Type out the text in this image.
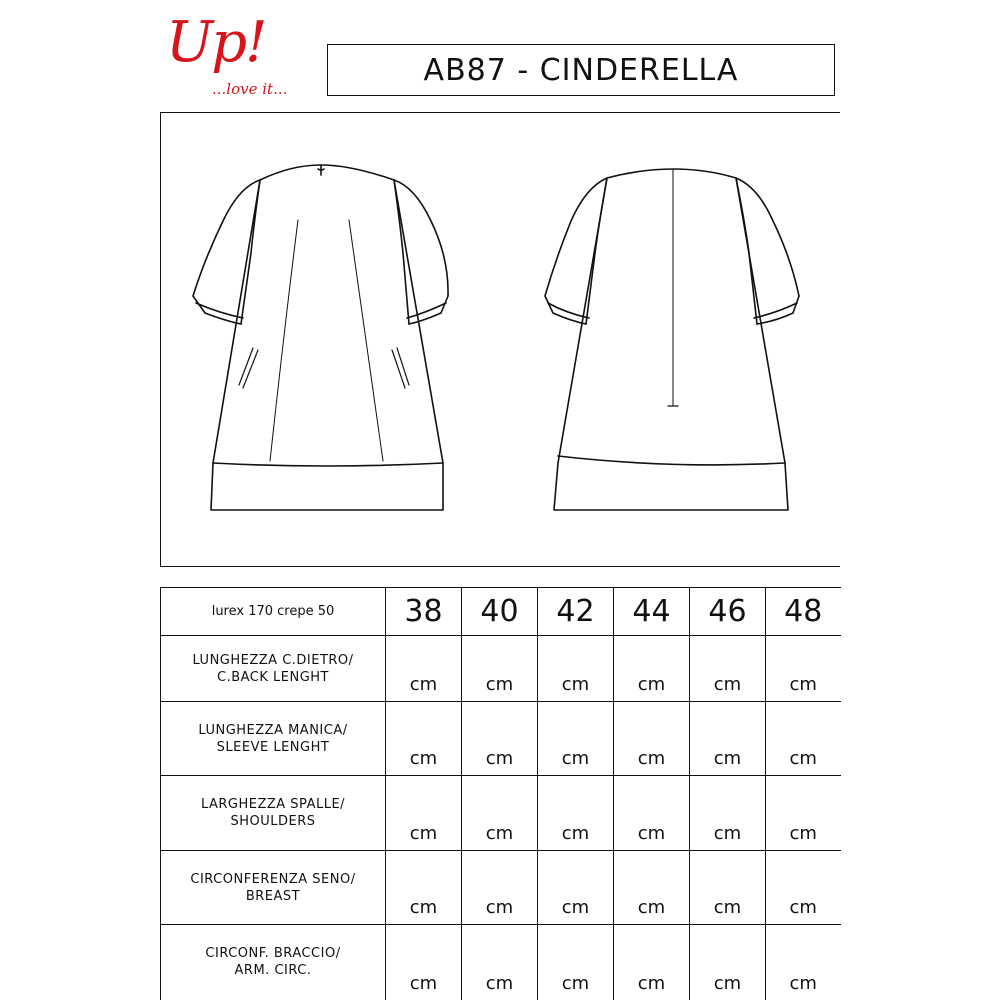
Up!
...love it...
AB87 - CINDERELLA
lurex 170 crepe 50	38	40	42	44	46	48
LUNGHEZZA C.DIETRO/
C.BACK LENGHT	cm	cm	cm	cm	cm	cm
LUNGHEZZA MANICA/
SLEEVE LENGHT	cm	cm	cm	cm	cm	cm
LARGHEZZA SPALLE/
SHOULDERS	cm	cm	cm	cm	cm	cm
CIRCONFERENZA SENO/
BREAST	cm	cm	cm	cm	cm	cm
CIRCONF. BRACCIO/
ARM. CIRC.	cm	cm	cm	cm	cm	cm
